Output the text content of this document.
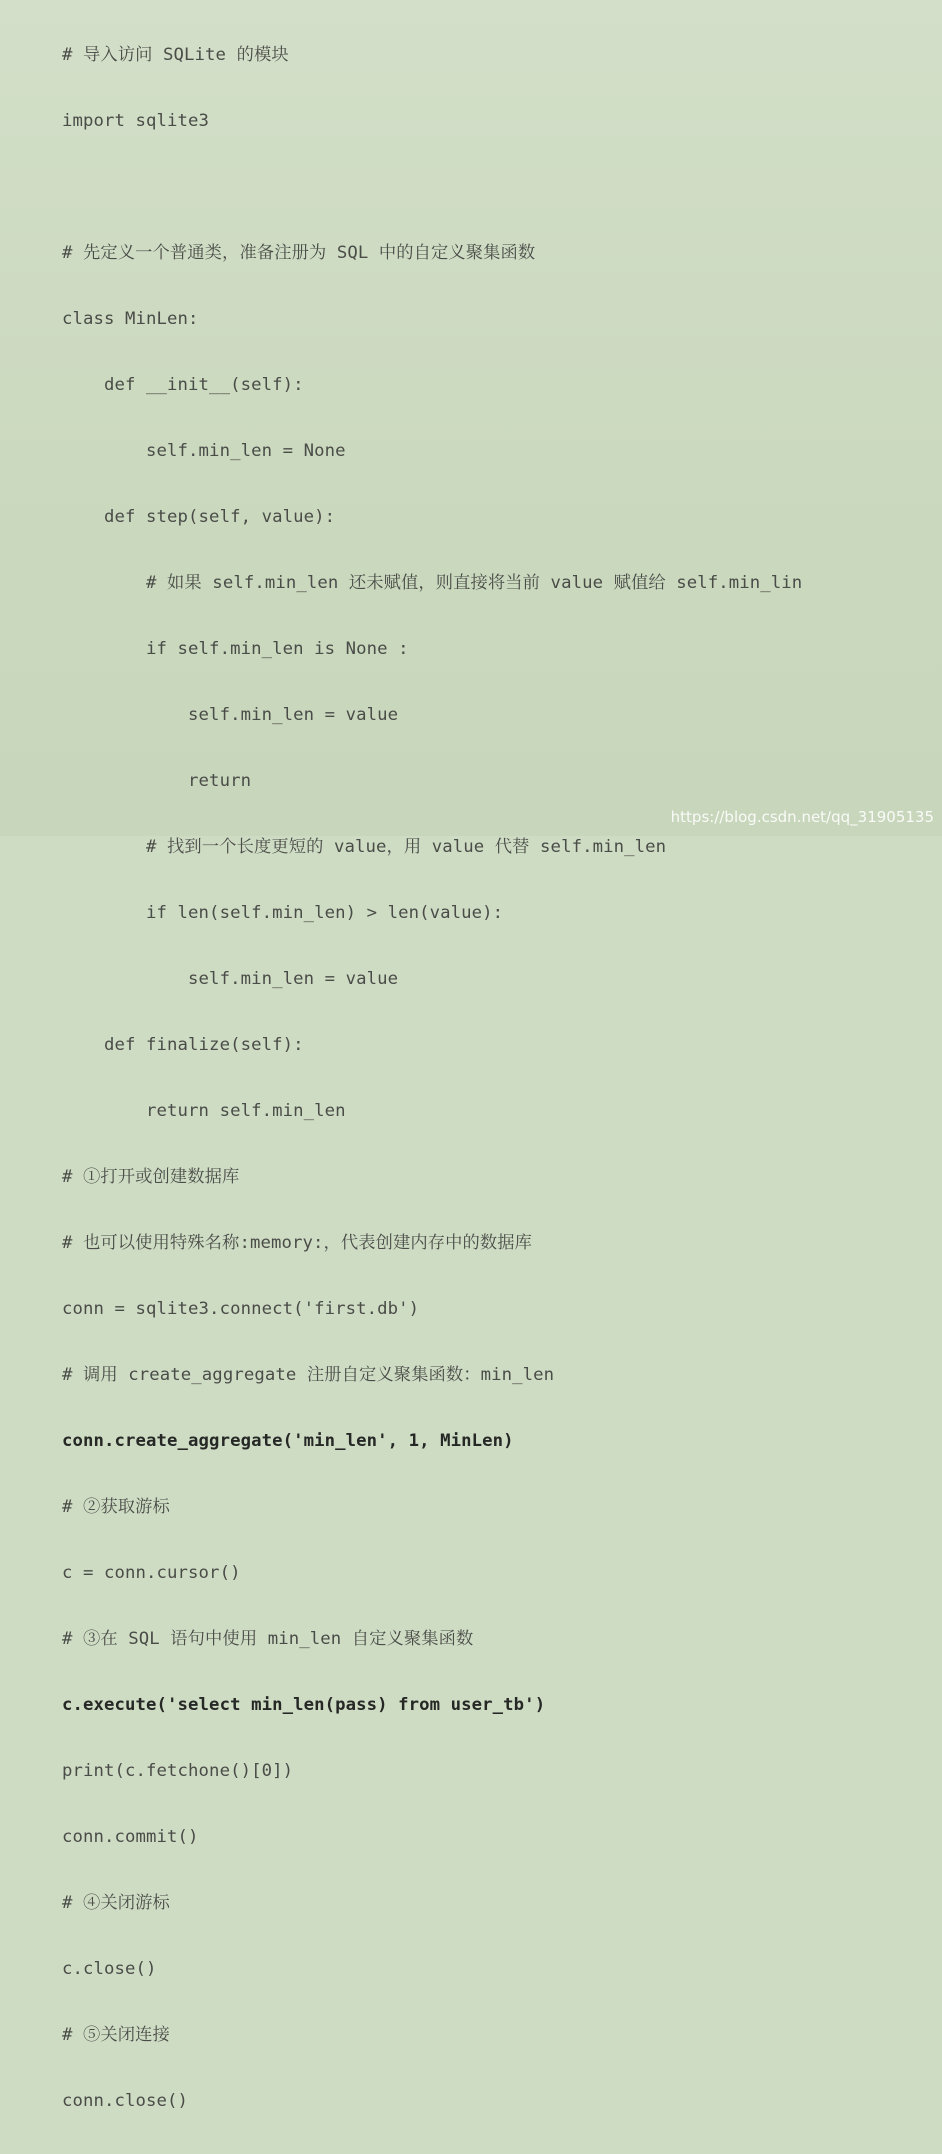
# 导入访问 SQLite 的模块

import sqlite3

# 先定义一个普通类，准备注册为 SQL 中的自定义聚集函数

class MinLen:

def __init__(self):

self.min_len = None

def step(self, value):

# 如果 self.min_len 还未赋值，则直接将当前 value 赋值给 self.min_lin

if self.min_len is None :

self.min_len = value

return

# 找到一个长度更短的 value，用 value 代替 self.min_len

if len(self.min_len) > len(value):

self.min_len = value

def finalize(self):

return self.min_len

# ①打开或创建数据库

# 也可以使用特殊名称:memory:，代表创建内存中的数据库

conn = sqlite3.connect('first.db')

# 调用 create_aggregate 注册自定义聚集函数：min_len

conn.create_aggregate('min_len', 1, MinLen)

# ②获取游标

c = conn.cursor()

# ③在 SQL 语句中使用 min_len 自定义聚集函数

c.execute('select min_len(pass) from user_tb')

print(c.fetchone()[0])

conn.commit()

# ④关闭游标

c.close()

# ⑤关闭连接

conn.close()

https://blog.csdn.net/qq_31905135
